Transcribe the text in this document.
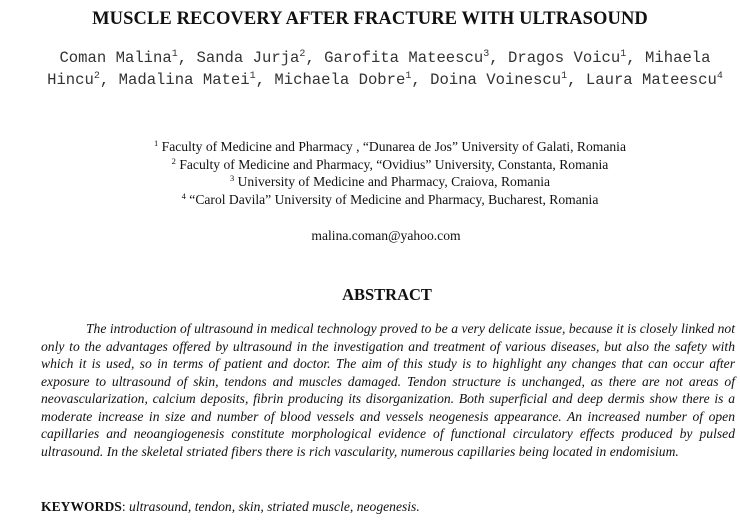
MUSCLE RECOVERY AFTER FRACTURE WITH ULTRASOUND
Coman Malina$^1$, Sanda Jurja$^2$, Garofita Mateescu$^3$, Dragos Voicu$^1$, Mihaela Hincu$^2$, Madalina Matei$^1$, Michaela Dobre$^1$, Doina Voinescu$^1$, Laura Mateescu$^4$
$^1$ Faculty of Medicine and Pharmacy , “Dunarea de Jos” University of Galati, Romania
$^2$ Faculty of Medicine and Pharmacy, “Ovidius” University, Constanta, Romania
$^3$ University of Medicine and Pharmacy, Craiova, Romania
$^4$ “Carol Davila” University of Medicine and Pharmacy, Bucharest, Romania
malina.coman@yahoo.com
ABSTRACT

The introduction of ultrasound in medical technology proved to be a very delicate issue, because it is closely linked not only to the advantages offered by ultrasound in the investigation and treatment of various diseases, but also the safety with which it is used, so in terms of patient and doctor. The aim of this study is to highlight any changes that can occur after exposure to ultrasound of skin, tendons and muscles damaged. Tendon structure is unchanged, as there are not areas of neovascularization, calcium deposits, fibrin producing its disorganization. Both superficial and deep dermis show there is a moderate increase in size and number of blood vessels and vessels neogenesis appearance. An increased number of open capillaries and neoangiogenesis constitute morphological evidence of functional circulatory effects produced by pulsed ultrasound. In the skeletal striated fibers there is rich vascularity, numerous capillaries being located in endomisium.

KEYWORDS: ultrasound, tendon, skin, striated muscle, neogenesis.
